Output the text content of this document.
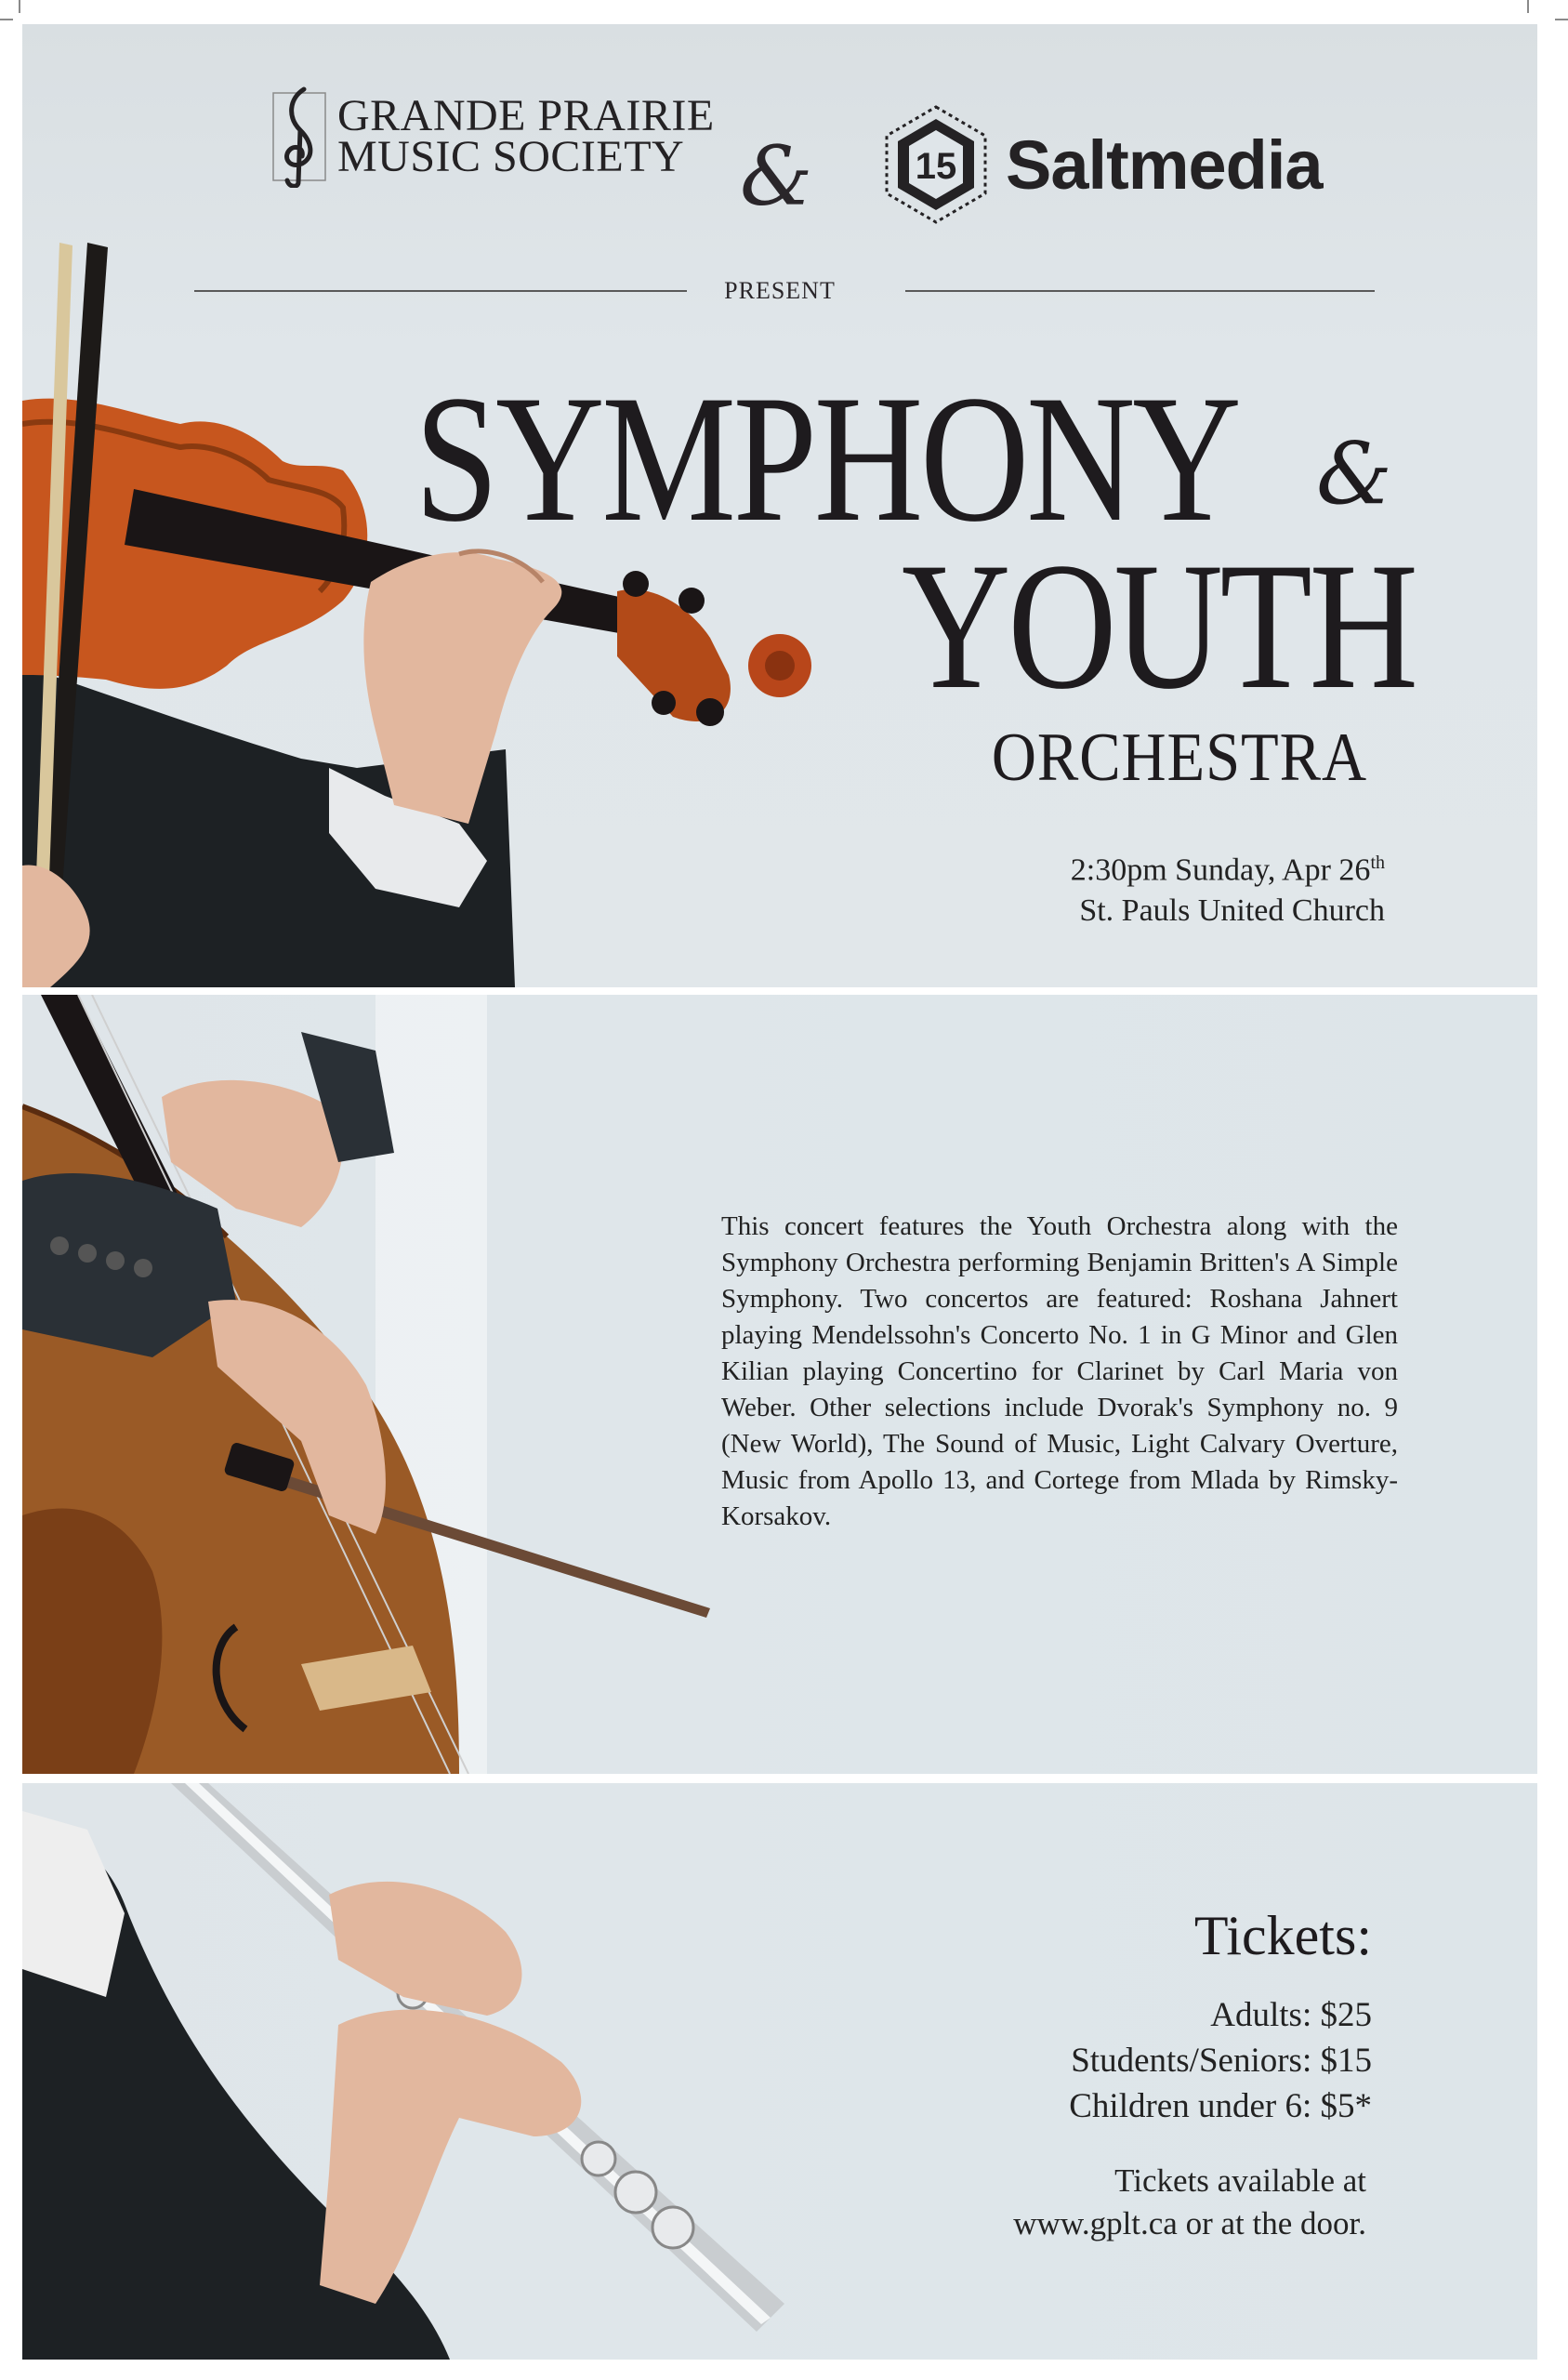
GRANDE PRAIRIE
MUSIC SOCIETY &	15 Saltmedia
PRESENT
SYMPHONY &
YOUTH
ORCHESTRA
2:30pm Sunday, Apr 26th
St. Pauls United Church

This concert features the Youth Orchestra along with the Symphony Orchestra performing Benjamin Britten's A Simple Symphony. Two concertos are featured: Roshana Jahnert playing Mendelssohn's Concerto No. 1 in G Minor and Glen Kilian playing Concertino for Clarinet by Carl Maria von Weber. Other selections include Dvorak's Symphony no. 9 (New World), The Sound of Music, Light Calvary Overture, Music from Apollo 13, and Cortege from Mlada by Rimsky-Korsakov.

Tickets:
Adults: $25
Students/Seniors: $15
Children under 6: $5*
Tickets available at
www.gplt.ca or at the door.
